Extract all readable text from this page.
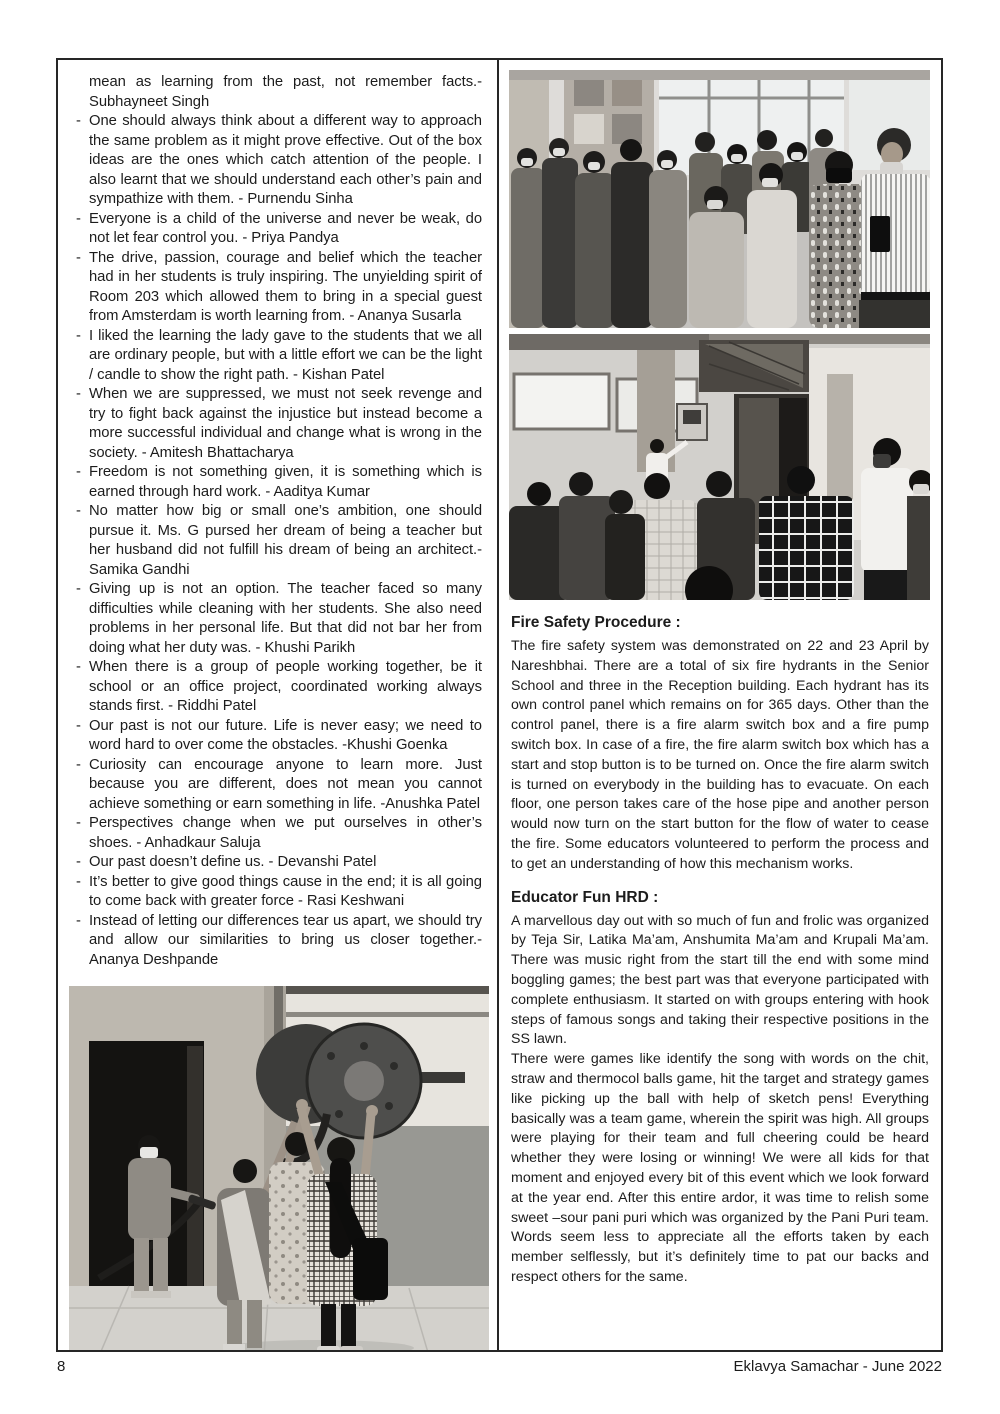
mean as learning from the past, not remember facts.- Subhayneet Singh
- One should always think about a different way to approach the same problem as it might prove effective. Out of the box ideas are the ones which catch attention of the people. I also learnt that we should understand each other’s pain and sympathize with them. - Purnendu Sinha
- Everyone is a child of the universe and never be weak, do not let fear control you. - Priya Pandya
- The drive, passion, courage and belief which the teacher had in her students is truly inspiring. The unyielding spirit of Room 203 which allowed them to bring in a special guest from Amsterdam is worth learning from. - Ananya Susarla
- I liked the learning the lady gave to the students that we all are ordinary people, but with a little effort we can be the light / candle to show the right path. - Kishan Patel
- When we are suppressed, we must not seek revenge and try to fight back against the injustice but instead become a more successful individual and change what is wrong in the society. - Amitesh Bhattacharya
- Freedom is not something given, it is something which is earned through hard work. - Aaditya Kumar
- No matter how big or small one’s ambition, one should pursue it. Ms. G pursed her dream of being a teacher but her husband did not fulfill his dream of being an architect.- Samika Gandhi
- Giving up is not an option. The teacher faced so many difficulties while cleaning with her students. She also need problems in her personal life. But that did not bar her from doing what her duty was. - Khushi Parikh
- When there is a group of people working together, be it school or an office project, coordinated working always stands first. - Riddhi Patel
- Our past is not our future. Life is never easy; we need to word hard to over come the obstacles. -Khushi Goenka
- Curiosity can encourage anyone to learn more. Just because you are different, does not mean you cannot achieve something or earn something in life. -Anushka Patel
- Perspectives change when we put ourselves in other’s shoes. - Anhadkaur Saluja
- Our past doesn’t define us. - Devanshi Patel
- It’s better to give good things cause in the end; it is all going to come back with greater force - Rasi Keshwani
- Instead of letting our differences tear us apart, we should try and allow our similarities to bring us closer together.- Ananya Deshpande
Fire Safety Procedure :

The fire safety system was demonstrated on 22 and 23 April by Nareshbhai. There are a total of six fire hydrants in the Senior School and three in the Reception building. Each hydrant has its own control panel which remains on for 365 days. Other than the control panel, there is a fire alarm switch box and a fire pump switch box. In case of a fire, the fire alarm switch box which has a start and stop button is to be turned on. Once the fire alarm switch is turned on everybody in the building has to evacuate. On each floor, one person takes care of the hose pipe and another person would now turn on the start button for the flow of water to cease the fire. Some educators volunteered to perform the process and to get an understanding of how this mechanism works.

Educator Fun HRD :

A marvellous day out with so much of fun and frolic was organized by Teja Sir, Latika Ma’am, Anshumita Ma’am and Krupali Ma’am. There was music right from the start till the end with some mind boggling games; the best part was that everyone participated with complete enthusiasm. It started on with groups entering with hook steps of famous songs and taking their respective positions in the SS lawn.

There were games like identify the song with words on the chit, straw and thermocol balls game, hit the target and strategy games like picking up the ball with help of sketch pens! Everything basically was a team game, wherein the spirit was high. All groups were playing for their team and full cheering could be heard whether they were losing or winning! We were all kids for that moment and enjoyed every bit of this event which we look forward at the year end. After this entire ardor, it was time to relish some sweet –sour pani puri which was organized by the Pani Puri team. Words seem less to appreciate all the efforts taken by each member selflessly, but it’s definitely time to pat our backs and respect others for the same.

8	Eklavya Samachar - June 2022
